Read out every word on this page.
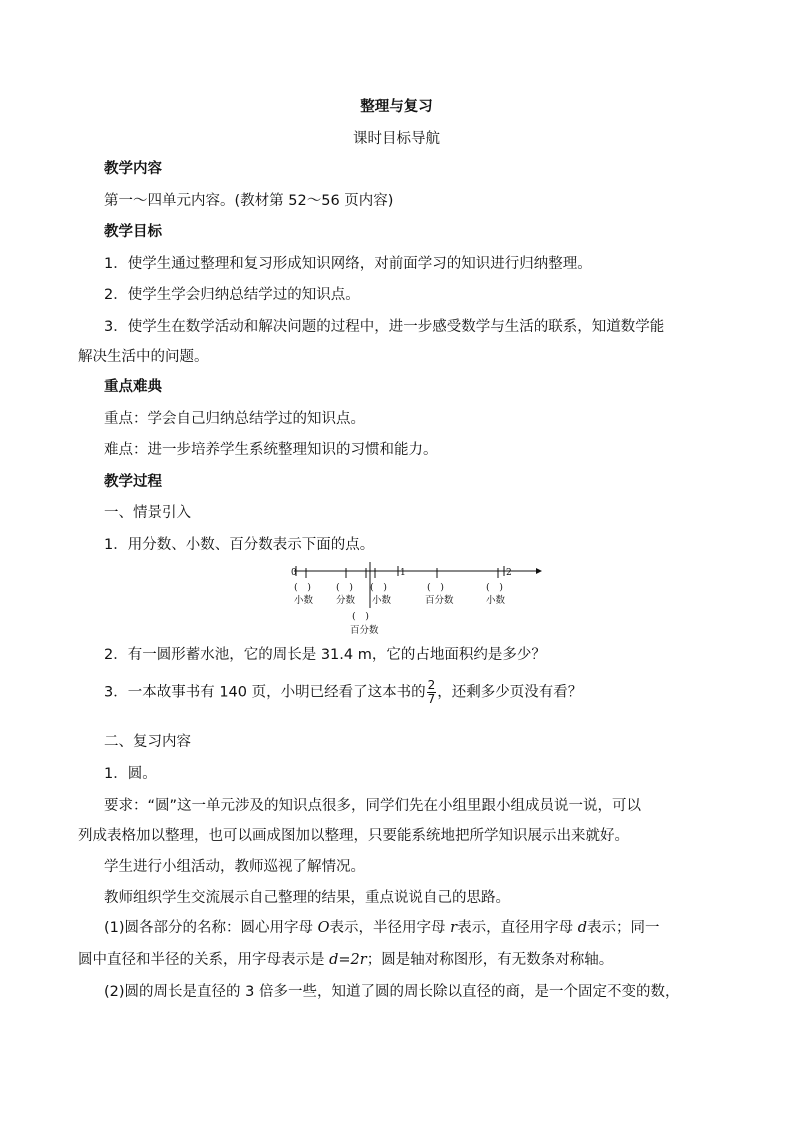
整理与复习
课时目标导航
教学内容
第一～四单元内容。(教材第 52～56 页内容)
教学目标
1．使学生通过整理和复习形成知识网络，对前面学习的知识进行归纳整理。
2．使学生学会归纳总结学过的知识点。
3．使学生在数学活动和解决问题的过程中，进一步感受数学与生活的联系，知道数学能
解决生活中的问题。
重点难典
重点：学会自己归纳总结学过的知识点。
难点：进一步培养学生系统整理知识的习惯和能力。
教学过程
一、情景引入
1．用分数、小数、百分数表示下面的点。
0	1	2
(　)	(　) (　)	(　)	(　)
(　)
小数 分数 小数	百分数	小数
百分数
2．有一圆形蓄水池，它的周长是 31.4 m，它的占地面积约是多少？
3．一本故事书有 140 页，小明已经看了这本书的 $\frac{2}{7}$ ，还剩多少页没有看？
二、复习内容
1．圆。
要求：“圆”这一单元涉及的知识点很多，同学们先在小组里跟小组成员说一说，可以
列成表格加以整理，也可以画成图加以整理，只要能系统地把所学知识展示出来就好。
学生进行小组活动，教师巡视了解情况。
教师组织学生交流展示自己整理的结果，重点说说自己的思路。
(1)圆各部分的名称：圆心用字母 O表示，半径用字母 r表示，直径用字母 d表示；同一
圆中直径和半径的关系，用字母表示是 d=2r；圆是轴对称图形，有无数条对称轴。
(2)圆的周长是直径的 3 倍多一些，知道了圆的周长除以直径的商，是一个固定不变的数，
